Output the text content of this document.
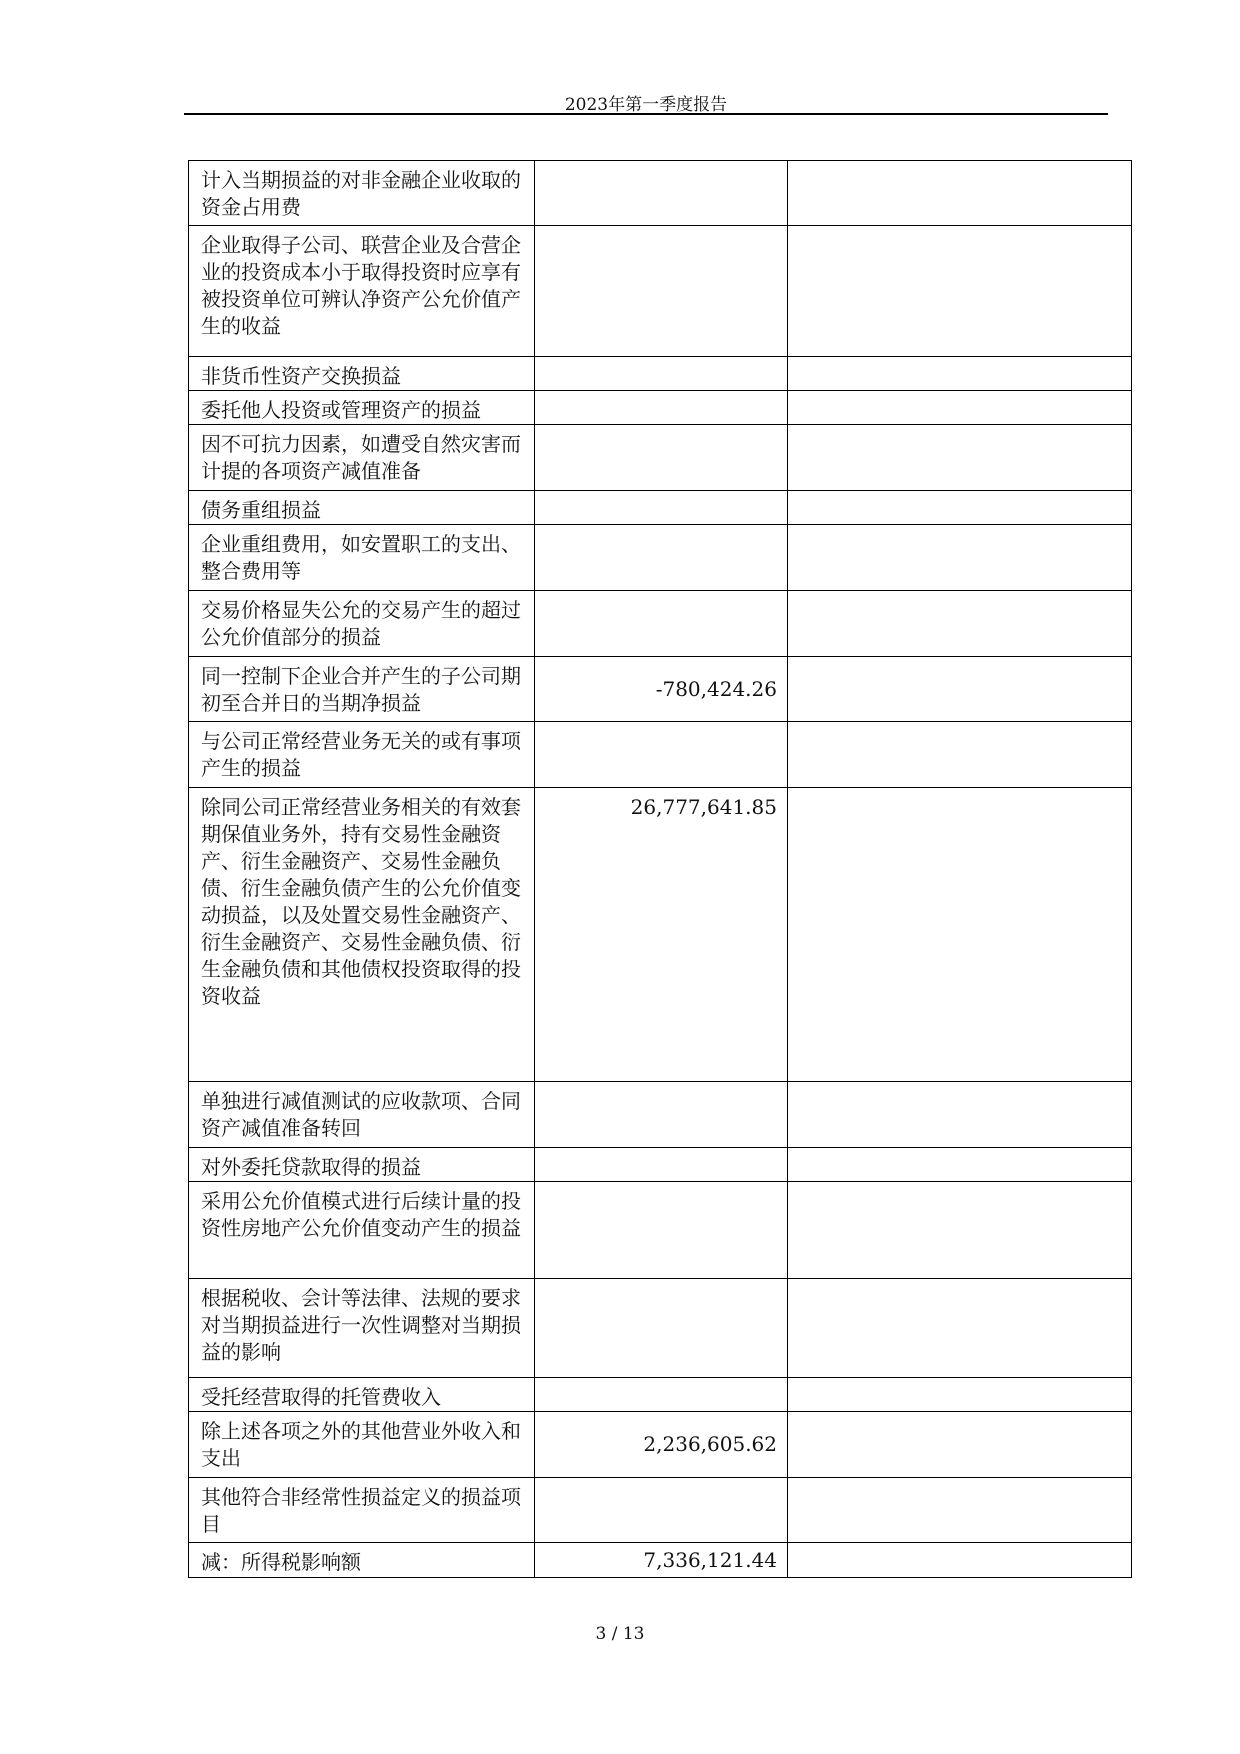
2023年第一季度报告
计入当期损益的对非金融企业收取的资金占用费		
企业取得子公司、联营企业及合营企业的投资成本小于取得投资时应享有被投资单位可辨认净资产公允价值产生的收益		
非货币性资产交换损益		
委托他人投资或管理资产的损益		
因不可抗力因素，如遭受自然灾害而计提的各项资产减值准备		
债务重组损益		
企业重组费用，如安置职工的支出、整合费用等		
交易价格显失公允的交易产生的超过公允价值部分的损益		
同一控制下企业合并产生的子公司期初至合并日的当期净损益	-780,424.26	
与公司正常经营业务无关的或有事项产生的损益		
除同公司正常经营业务相关的有效套期保值业务外，持有交易性金融资产、衍生金融资产、交易性金融负债、衍生金融负债产生的公允价值变动损益，以及处置交易性金融资产、衍生金融资产、交易性金融负债、衍生金融负债和其他债权投资取得的投资收益	26,777,641.85	
单独进行减值测试的应收款项、合同资产减值准备转回		
对外委托贷款取得的损益		
采用公允价值模式进行后续计量的投资性房地产公允价值变动产生的损益		
根据税收、会计等法律、法规的要求对当期损益进行一次性调整对当期损益的影响		
受托经营取得的托管费收入		
除上述各项之外的其他营业外收入和支出	2,236,605.62	
其他符合非经常性损益定义的损益项目		
减：所得税影响额	7,336,121.44	
3 / 13
